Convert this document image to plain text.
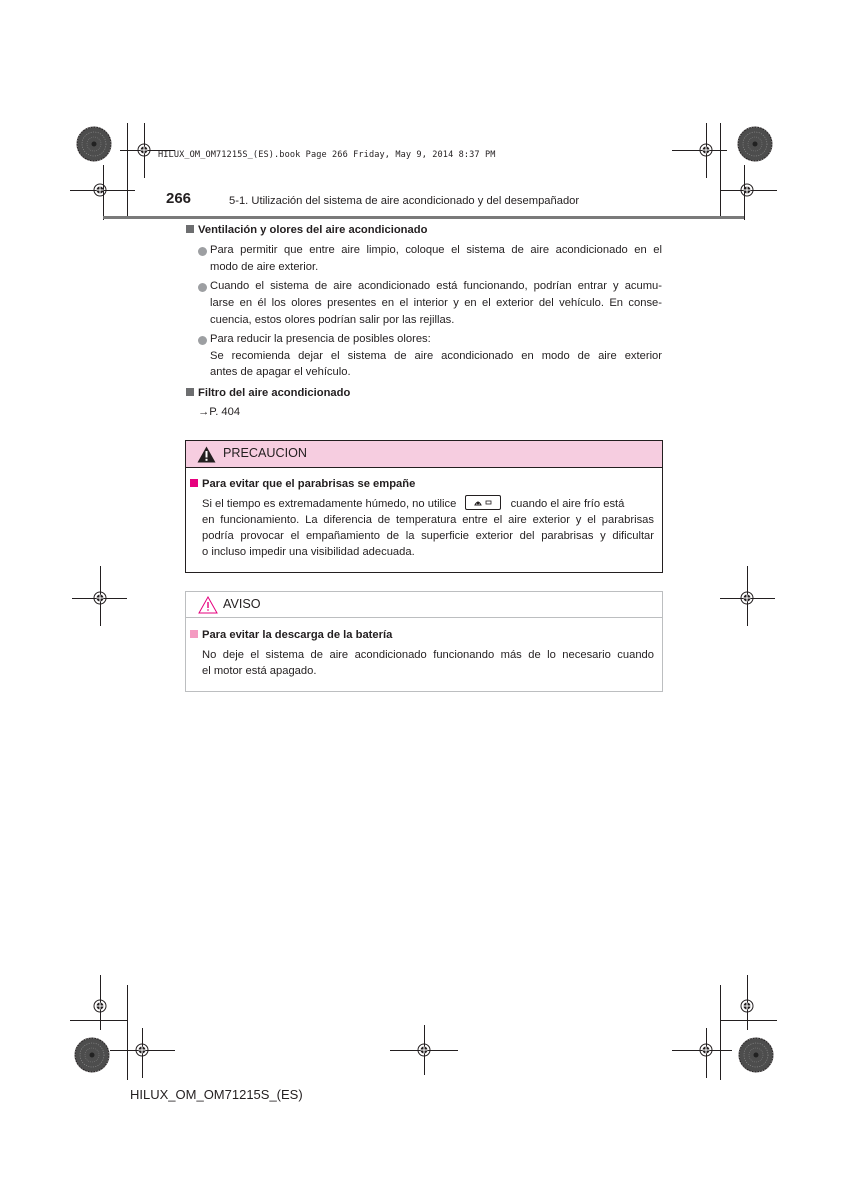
HILUX_OM_OM71215S_(ES).book Page 266 Friday, May 9, 2014 8:37 PM
266	5-1. Utilización del sistema de aire acondicionado y del desempañador
Ventilación y olores del aire acondicionado
Para permitir que entre aire limpio, coloque el sistema de aire acondicionado en el
modo de aire exterior.
Cuando el sistema de aire acondicionado está funcionando, podrían entrar y acumu-
larse en él los olores presentes en el interior y en el exterior del vehículo. En conse-
cuencia, estos olores podrían salir por las rejillas.
Para reducir la presencia de posibles olores:
Se recomienda dejar el sistema de aire acondicionado en modo de aire exterior
antes de apagar el vehículo.
Filtro del aire acondicionado
→P. 404
PRECAUCION
Para evitar que el parabrisas se empañe
Si el tiempo es extremadamente húmedo, no utilice	cuando el aire frío está
en funcionamiento. La diferencia de temperatura entre el aire exterior y el parabrisas
podría provocar el empañamiento de la superficie exterior del parabrisas y dificultar
o incluso impedir una visibilidad adecuada.
AVISO
Para evitar la descarga de la batería
No deje el sistema de aire acondicionado funcionando más de lo necesario cuando
el motor está apagado.
HILUX_OM_OM71215S_(ES)
